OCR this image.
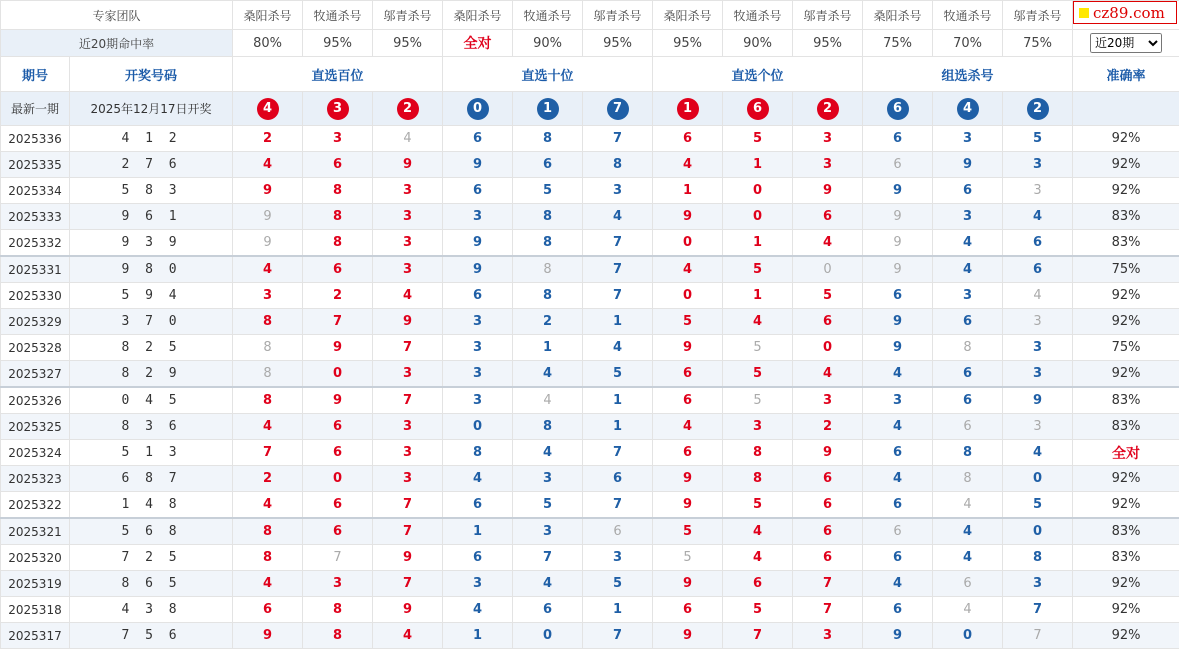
专家团队		桑阳杀号	牧通杀号	邬青杀号	桑阳杀号	牧通杀号	邬青杀号	桑阳杀号	牧通杀号	邬青杀号	桑阳杀号	牧通杀号	邬青杀号	
近20期命中率		80%	95%	95%	全对	90%	95%	95%	90%	95%	75%	70%	75%	
近20期
期号	开奖号码	直选百位			直选十位			直选个位			组选杀号			准确率
最新一期	2025年12月17日开奖	4	3	2	0	1	7	1	6	2	6	4	2	
2025336	4 1 2	2	3	4	6	8	7	6	5	3	6	3	5	92%
2025335	2 7 6	4	6	9	9	6	8	4	1	3	6	9	3	92%
2025334	5 8 3	9	8	3	6	5	3	1	0	9	9	6	3	92%
2025333	9 6 1	9	8	3	3	8	4	9	0	6	9	3	4	83%
2025332	9 3 9	9	8	3	9	8	7	0	1	4	9	4	6	83%
2025331	9 8 0	4	6	3	9	8	7	4	5	0	9	4	6	75%
2025330	5 9 4	3	2	4	6	8	7	0	1	5	6	3	4	92%
2025329	3 7 0	8	7	9	3	2	1	5	4	6	9	6	3	92%
2025328	8 2 5	8	9	7	3	1	4	9	5	0	9	8	3	75%
2025327	8 2 9	8	0	3	3	4	5	6	5	4	4	6	3	92%
2025326	0 4 5	8	9	7	3	4	1	6	5	3	3	6	9	83%
2025325	8 3 6	4	6	3	0	8	1	4	3	2	4	6	3	83%
2025324	5 1 3	7	6	3	8	4	7	6	8	9	6	8	4	全对
2025323	6 8 7	2	0	3	4	3	6	9	8	6	4	8	0	92%
2025322	1 4 8	4	6	7	6	5	7	9	5	6	6	4	5	92%
2025321	5 6 8	8	6	7	1	3	6	5	4	6	6	4	0	83%
2025320	7 2 5	8	7	9	6	7	3	5	4	6	6	4	8	83%
2025319	8 6 5	4	3	7	3	4	5	9	6	7	4	6	3	92%
2025318	4 3 8	6	8	9	4	6	1	6	5	7	6	4	7	92%
2025317	7 5 6	9	8	4	1	0	7	9	7	3	9	0	7	92%
cz89.com
